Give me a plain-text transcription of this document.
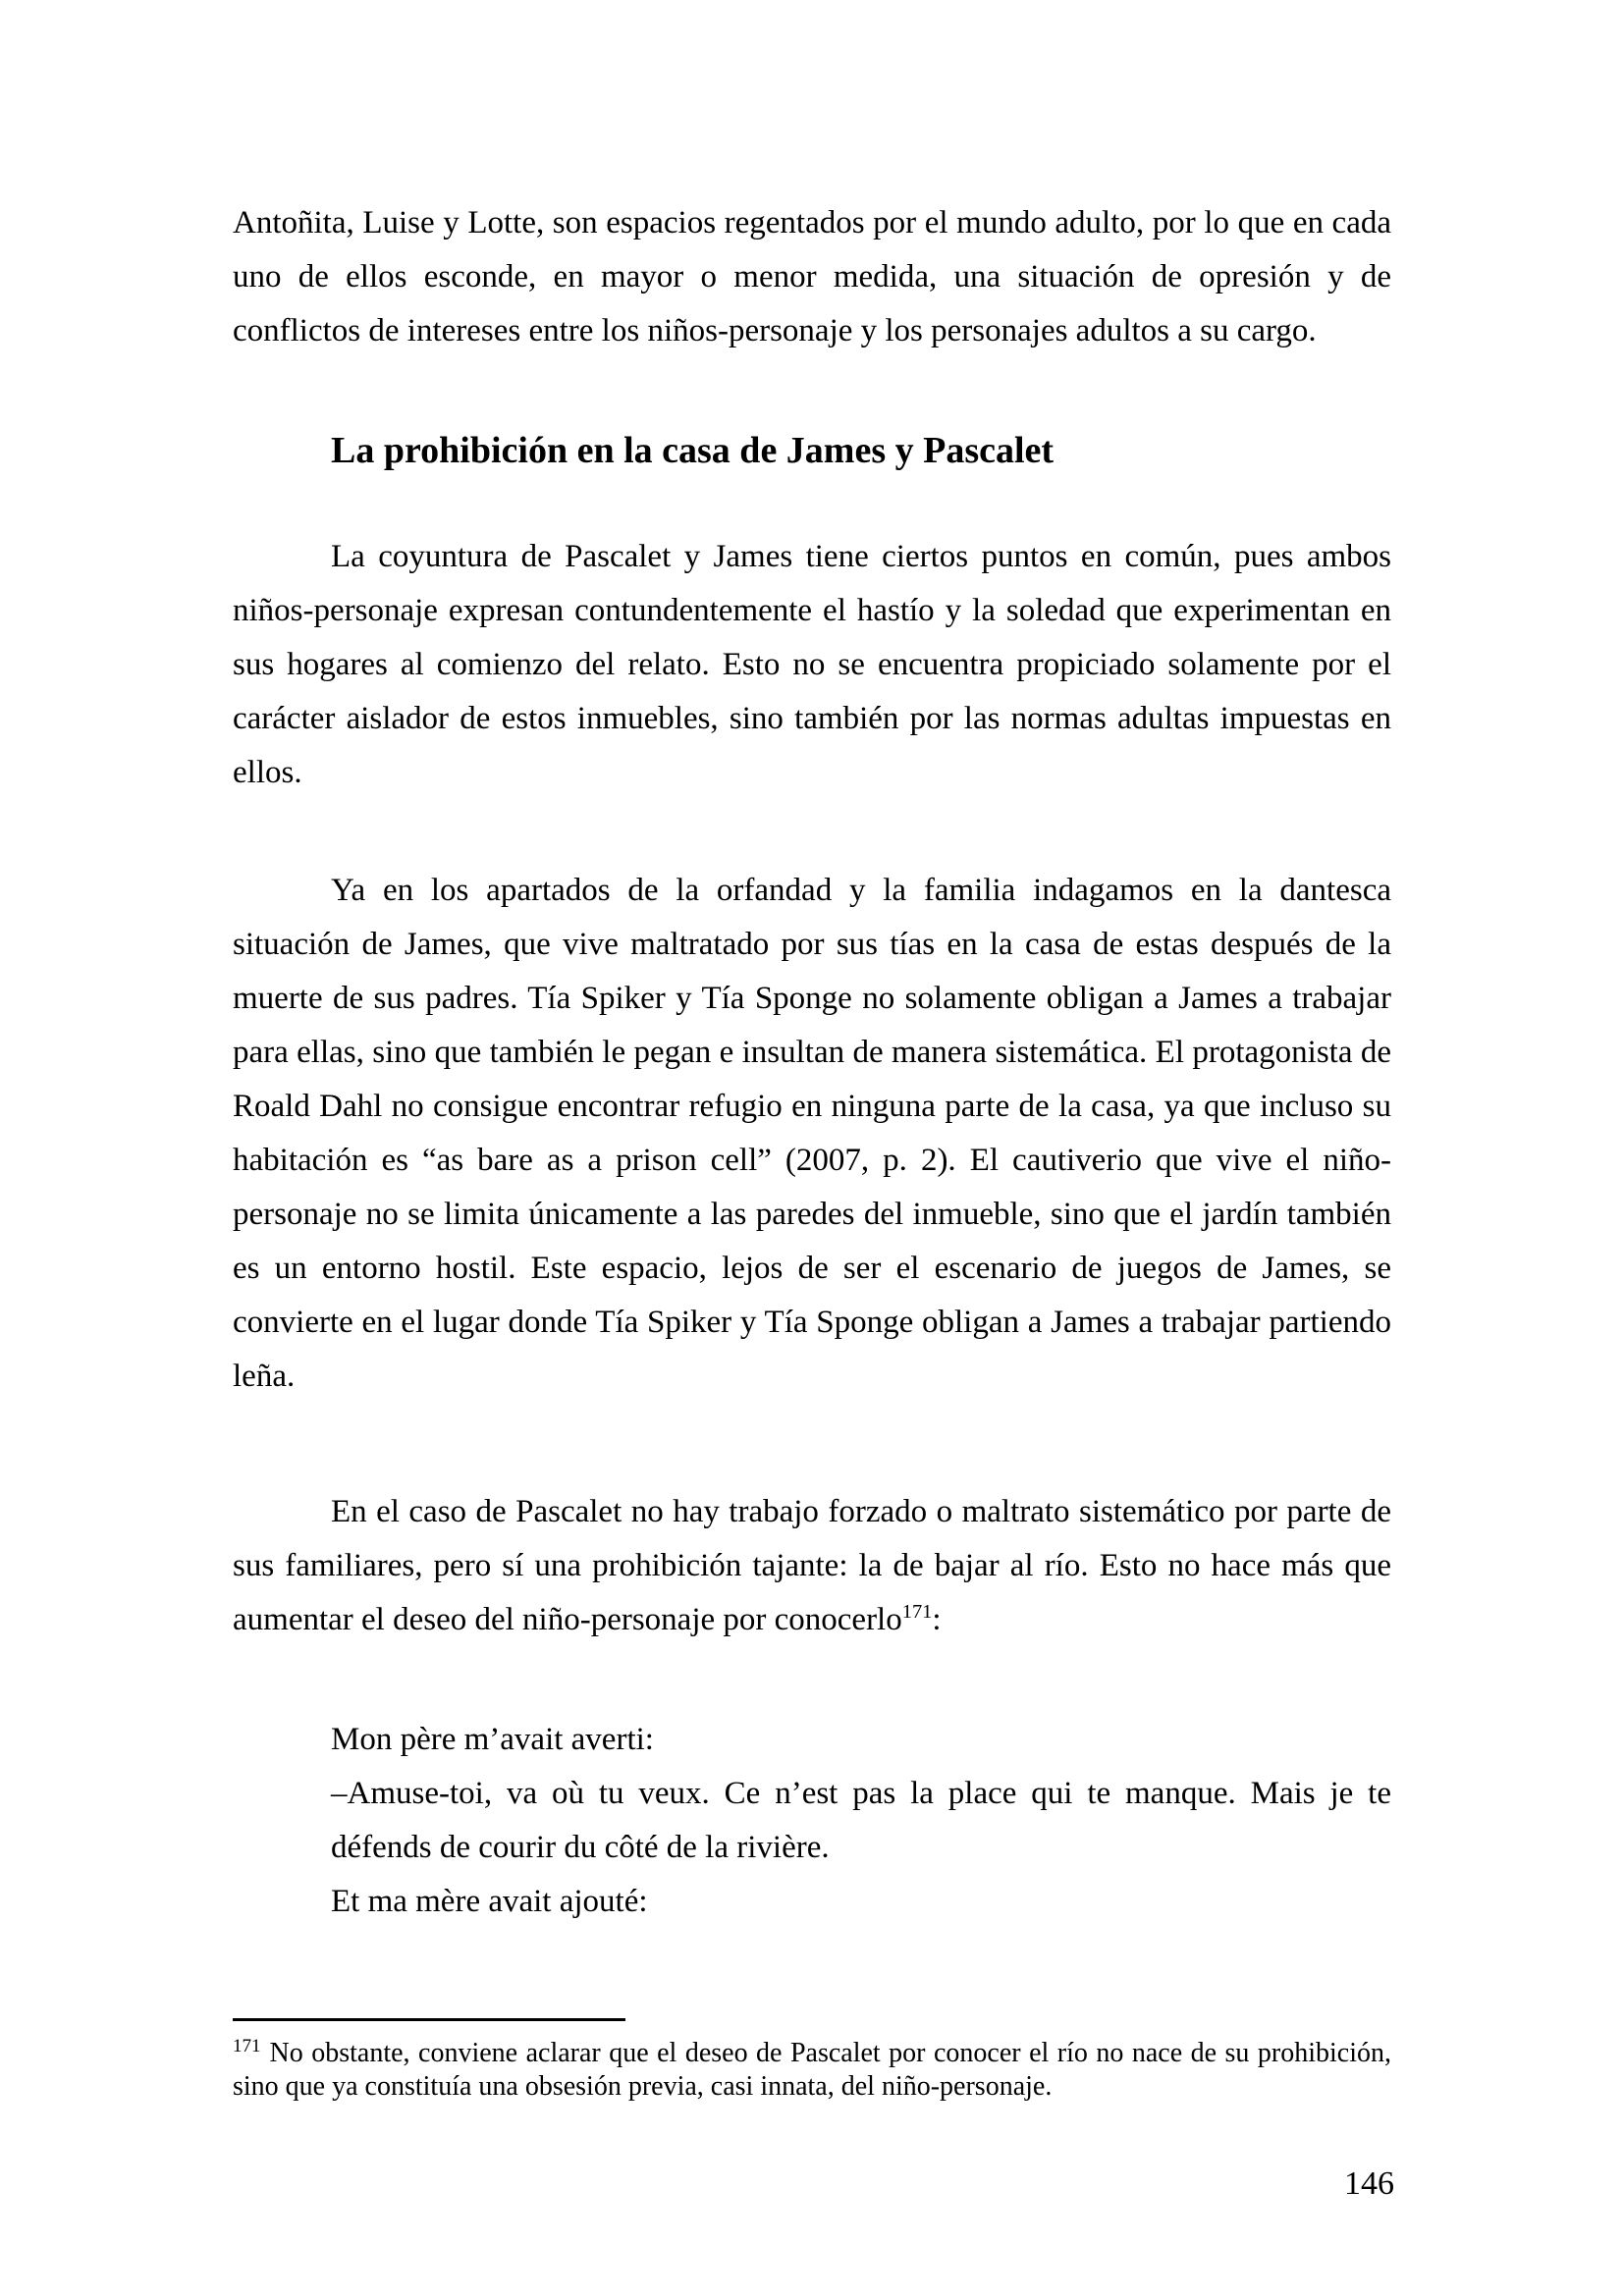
Antoñita, Luise y Lotte, son espacios regentados por el mundo adulto, por lo que en cada uno de ellos esconde, en mayor o menor medida, una situación de opresión y de conflictos de intereses entre los niños-personaje y los personajes adultos a su cargo.

La prohibición en la casa de James y Pascalet

La coyuntura de Pascalet y James tiene ciertos puntos en común, pues ambos niños-personaje expresan contundentemente el hastío y la soledad que experimentan en sus hogares al comienzo del relato. Esto no se encuentra propiciado solamente por el carácter aislador de estos inmuebles, sino también por las normas adultas impuestas en ellos.

Ya en los apartados de la orfandad y la familia indagamos en la dantesca situación de James, que vive maltratado por sus tías en la casa de estas después de la muerte de sus padres. Tía Spiker y Tía Sponge no solamente obligan a James a trabajar para ellas, sino que también le pegan e insultan de manera sistemática. El protagonista de Roald Dahl no consigue encontrar refugio en ninguna parte de la casa, ya que incluso su habitación es “as bare as a prison cell” (2007, p. 2). El cautiverio que vive el niño-personaje no se limita únicamente a las paredes del inmueble, sino que el jardín también es un entorno hostil. Este espacio, lejos de ser el escenario de juegos de James, se convierte en el lugar donde Tía Spiker y Tía Sponge obligan a James a trabajar partiendo leña.

En el caso de Pascalet no hay trabajo forzado o maltrato sistemático por parte de sus familiares, pero sí una prohibición tajante: la de bajar al río. Esto no hace más que aumentar el deseo del niño-personaje por conocerlo$^{171}$:

Mon père m’avait averti:

–Amuse-toi, va où tu veux. Ce n’est pas la place qui te manque. Mais je te défends de courir du côté de la rivière.

Et ma mère avait ajouté:

$^{171}$ No obstante, conviene aclarar que el deseo de Pascalet por conocer el río no nace de su prohibición, sino que ya constituía una obsesión previa, casi innata, del niño-personaje.

146
